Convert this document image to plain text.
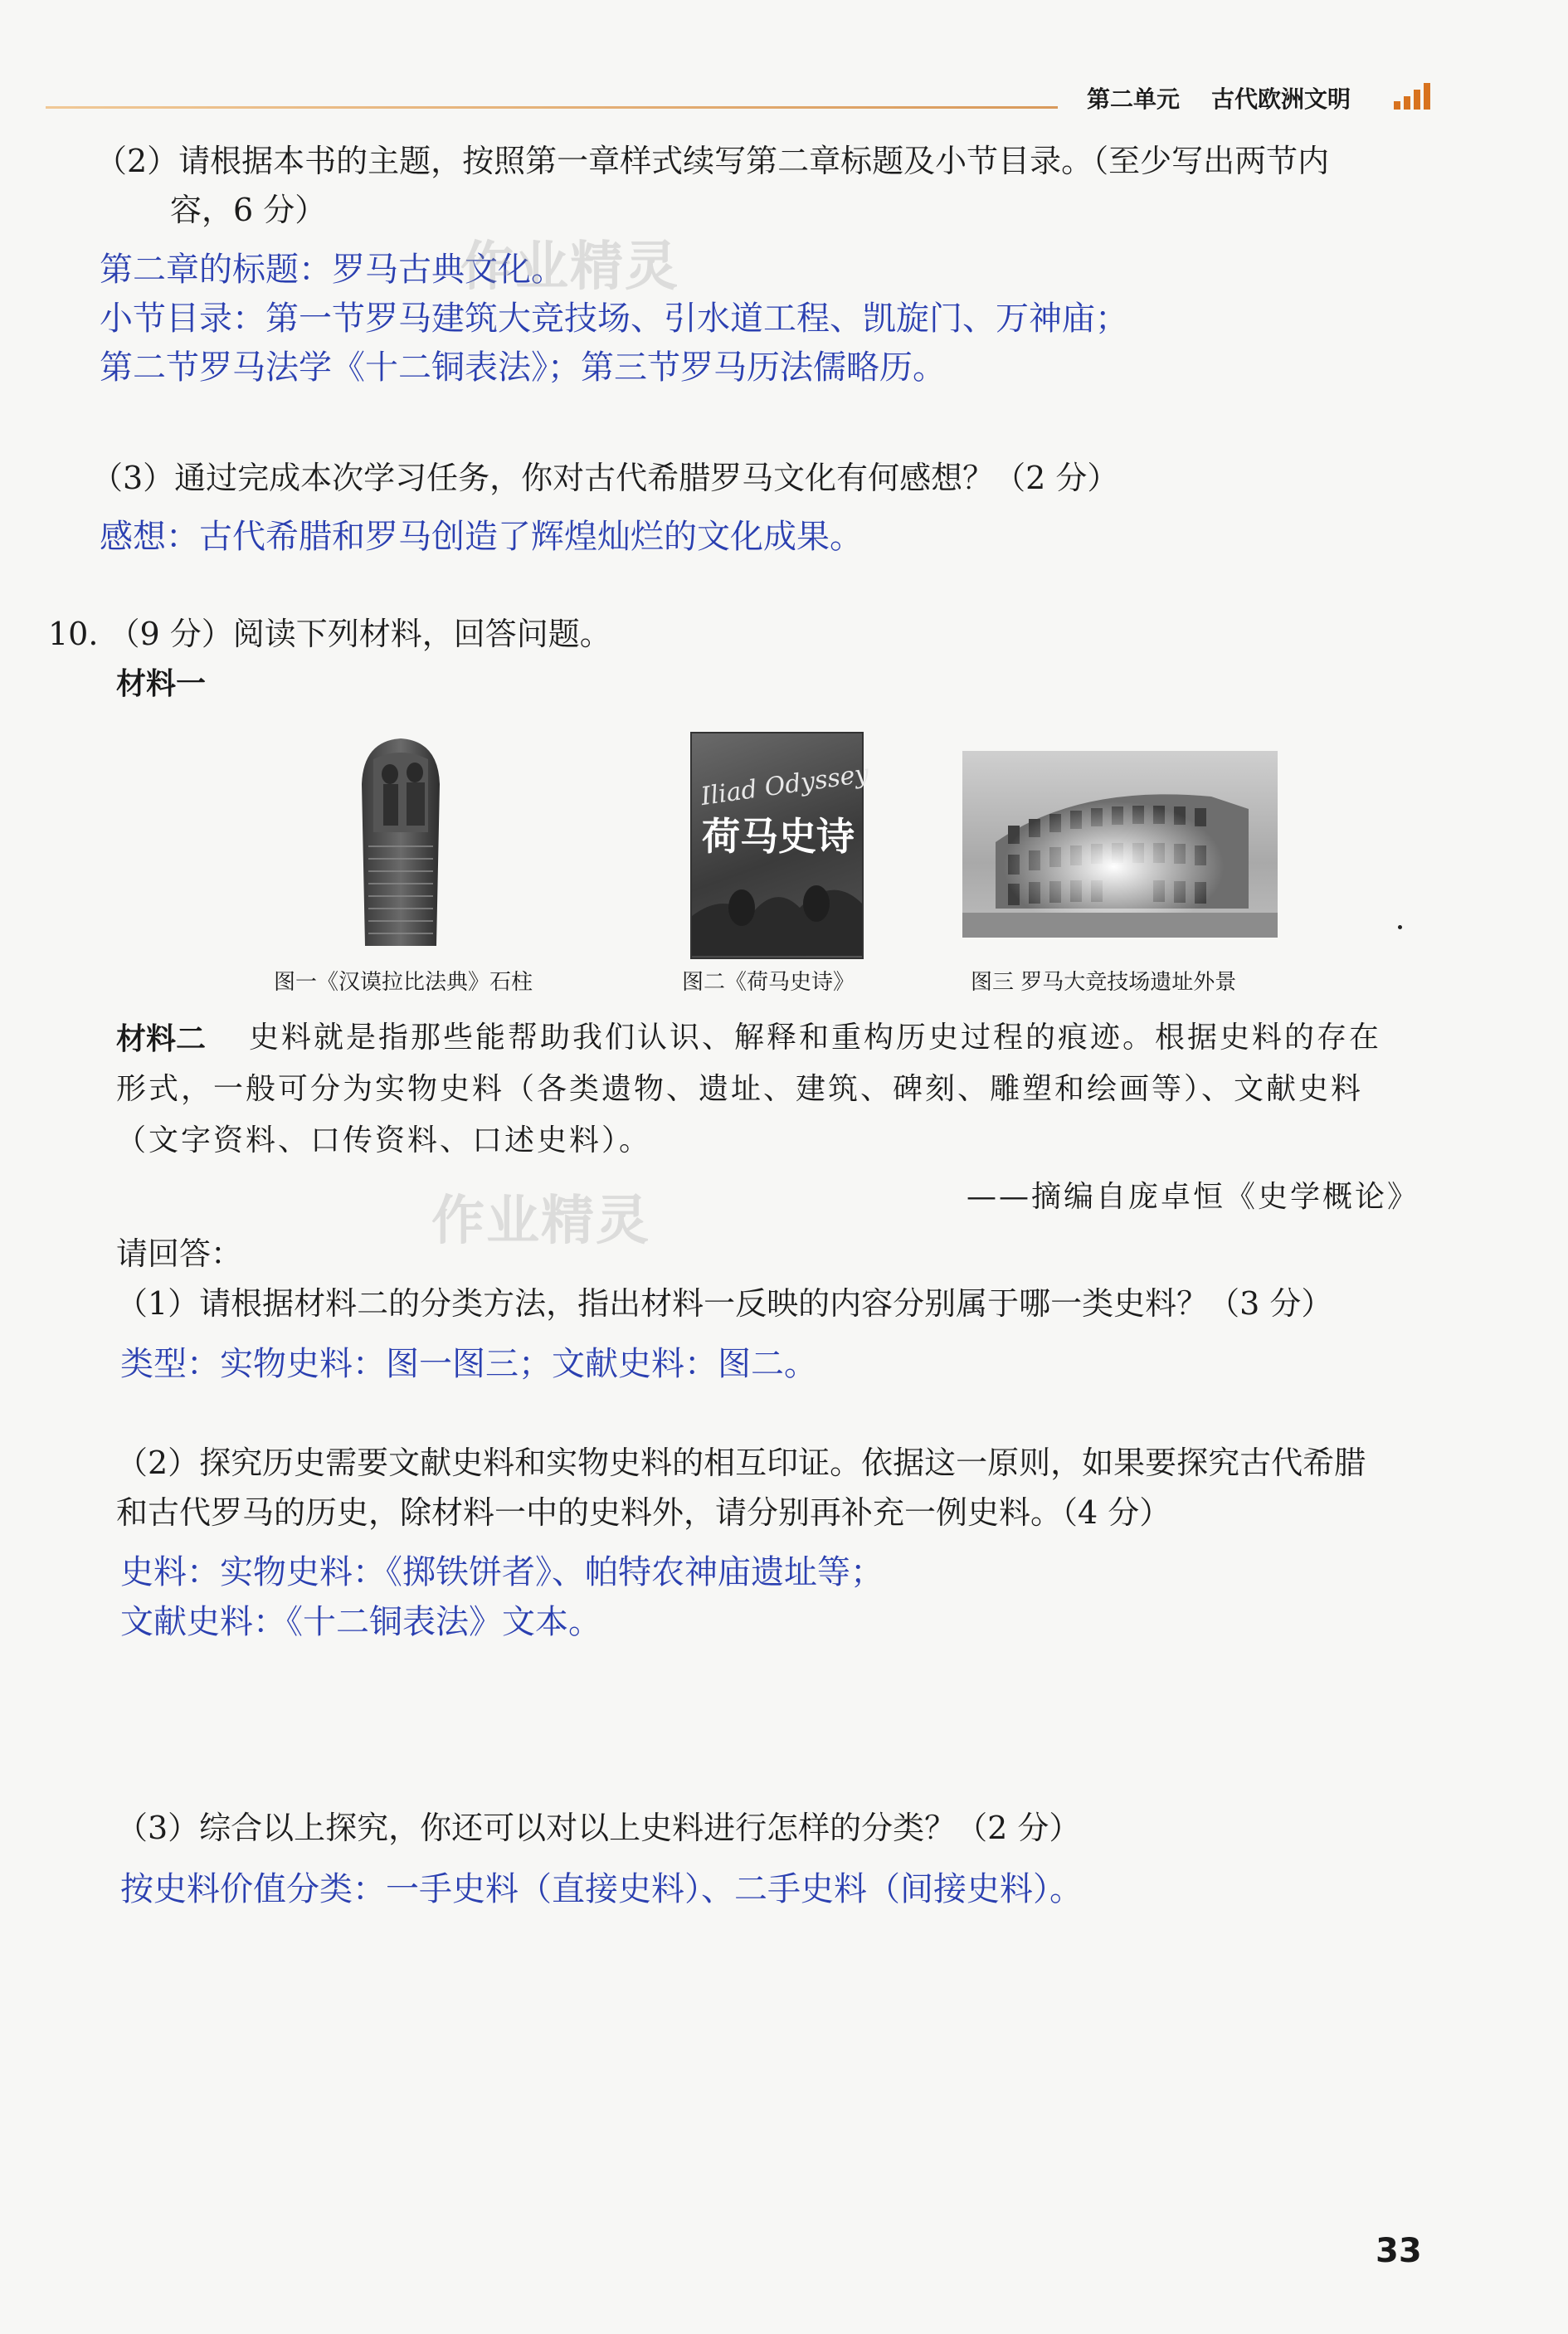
第二单元 古代欧洲文明
（2）请根据本书的主题，按照第一章样式续写第二章标题及小节目录。（至少写出两节内
容，6 分）
第二章的标题：罗马古典文化。
作业精灵
小节目录：第一节罗马建筑大竞技场、引水道工程、凯旋门、万神庙；
第二节罗马法学《十二铜表法》；第三节罗马历法儒略历。
（3）通过完成本次学习任务，你对古代希腊罗马文化有何感想？（2 分）
感想：古代希腊和罗马创造了辉煌灿烂的文化成果。
10. （9 分）阅读下列材料，回答问题。
材料一
Iliad Odyssey
荷马史诗
图一《汉谟拉比法典》石柱	图二《荷马史诗》	图三 罗马大竞技场遗址外景
材料二 史料就是指那些能帮助我们认识、解释和重构历史过程的痕迹。根据史料的存在
形式，一般可分为实物史料（各类遗物、遗址、建筑、碑刻、雕塑和绘画等）、文献史料
（文字资料、口传资料、口述史料）。
——摘编自庞卓恒《史学概论》
作业精灵
请回答：
（1）请根据材料二的分类方法，指出材料一反映的内容分别属于哪一类史料？（3 分）
类型：实物史料：图一图三；文献史料：图二。
（2）探究历史需要文献史料和实物史料的相互印证。依据这一原则，如果要探究古代希腊
和古代罗马的历史，除材料一中的史料外，请分别再补充一例史料。（4 分）
史料：实物史料：《掷铁饼者》、帕特农神庙遗址等；
文献史料：《十二铜表法》文本。
（3）综合以上探究，你还可以对以上史料进行怎样的分类？（2 分）
按史料价值分类：一手史料（直接史料）、二手史料（间接史料）。
33
